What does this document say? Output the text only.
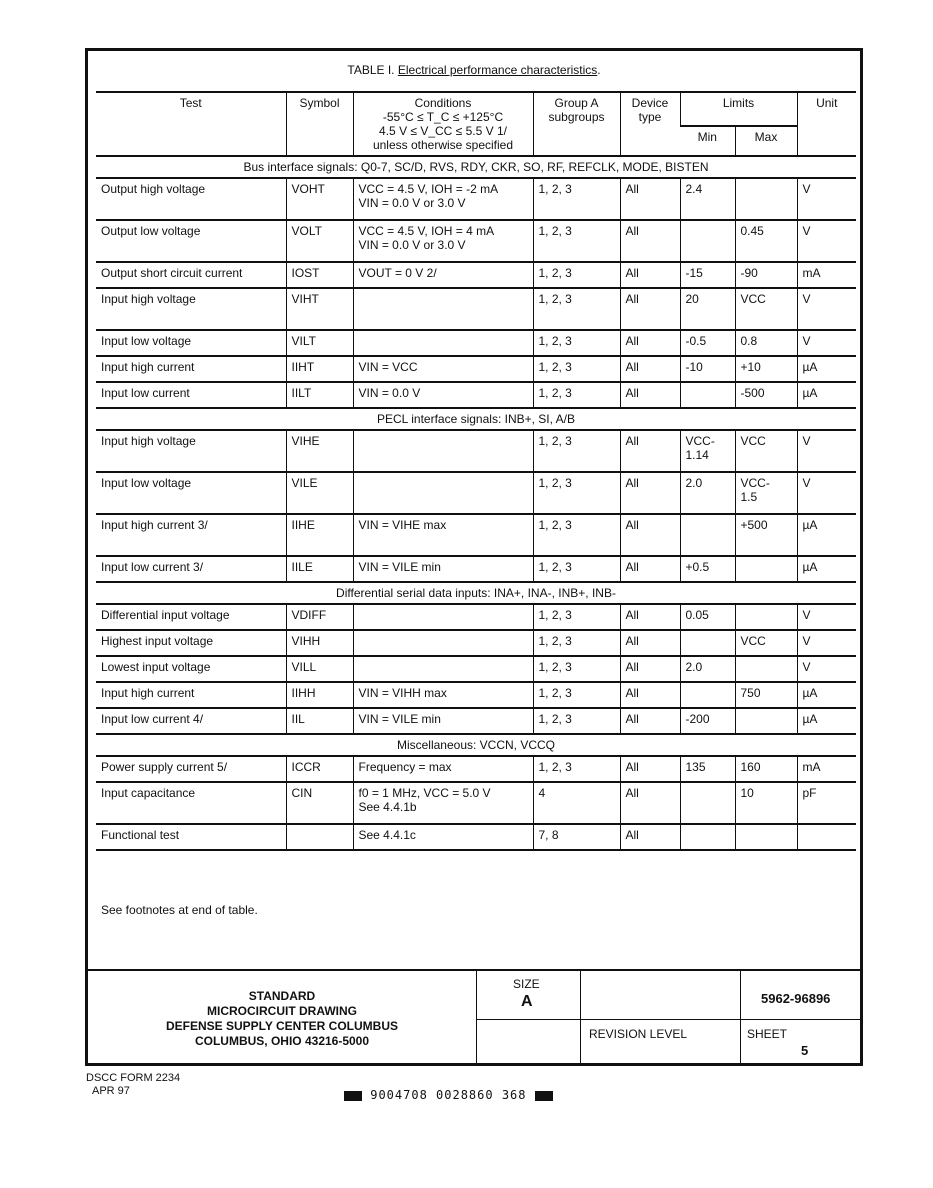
TABLE I. Electrical performance characteristics.
Test	Symbol	Conditions
-55°C ≤ T_C ≤ +125°C
4.5 V ≤ V_CC ≤ 5.5 V 1/
unless otherwise specified	Group A subgroups	Device type	Limits		Unit
					Min	Max	
Bus interface signals: Q0-7, SC/D, RVS, RDY, CKR, SO, RF, REFCLK, MODE, BISTEN							
Output high voltage	VOHT	VCC = 4.5 V, IOH = -2 mA
VIN = 0.0 V or 3.0 V	1, 2, 3	All	2.4		V
Output low voltage	VOLT	VCC = 4.5 V, IOH = 4 mA
VIN = 0.0 V or 3.0 V	1, 2, 3	All		0.45	V
Output short circuit current	IOST	VOUT = 0 V 2/	1, 2, 3	All	-15	-90	mA
Input high voltage	VIHT		1, 2, 3	All	20	VCC	V
Input low voltage	VILT		1, 2, 3	All	-0.5	0.8	V
Input high current	IIHT	VIN = VCC	1, 2, 3	All	-10	+10	µA
Input low current	IILT	VIN = 0.0 V	1, 2, 3	All		-500	µA
PECL interface signals: INB+, SI, A/B							
Input high voltage	VIHE		1, 2, 3	All	VCC-
1.14	VCC	V
Input low voltage	VILE		1, 2, 3	All	2.0	VCC-
1.5	V
Input high current 3/	IIHE	VIN = VIHE max	1, 2, 3	All		+500	µA
Input low current 3/	IILE	VIN = VILE min	1, 2, 3	All	+0.5		µA
Differential serial data inputs: INA+, INA-, INB+, INB-							
Differential input voltage	VDIFF		1, 2, 3	All	0.05		V
Highest input voltage	VIHH		1, 2, 3	All		VCC	V
Lowest input voltage	VILL		1, 2, 3	All	2.0		V
Input high current	IIHH	VIN = VIHH max	1, 2, 3	All		750	µA
Input low current 4/	IIL	VIN = VILE min	1, 2, 3	All	-200		µA
Miscellaneous: VCCN, VCCQ							
Power supply current 5/	ICCR	Frequency = max	1, 2, 3	All	135	160	mA
Input capacitance	CIN	f0 = 1 MHz, VCC = 5.0 V
See 4.4.1b	4	All		10	pF
Functional test		See 4.4.1c	7, 8	All			
See footnotes at end of table.
STANDARD
MICROCIRCUIT DRAWING
DEFENSE SUPPLY CENTER COLUMBUS
COLUMBUS, OHIO 43216-5000
SIZE
A
REVISION LEVEL
5962-96896
SHEET
5
DSCC FORM 2234
APR 97	9004708 0028860 368
